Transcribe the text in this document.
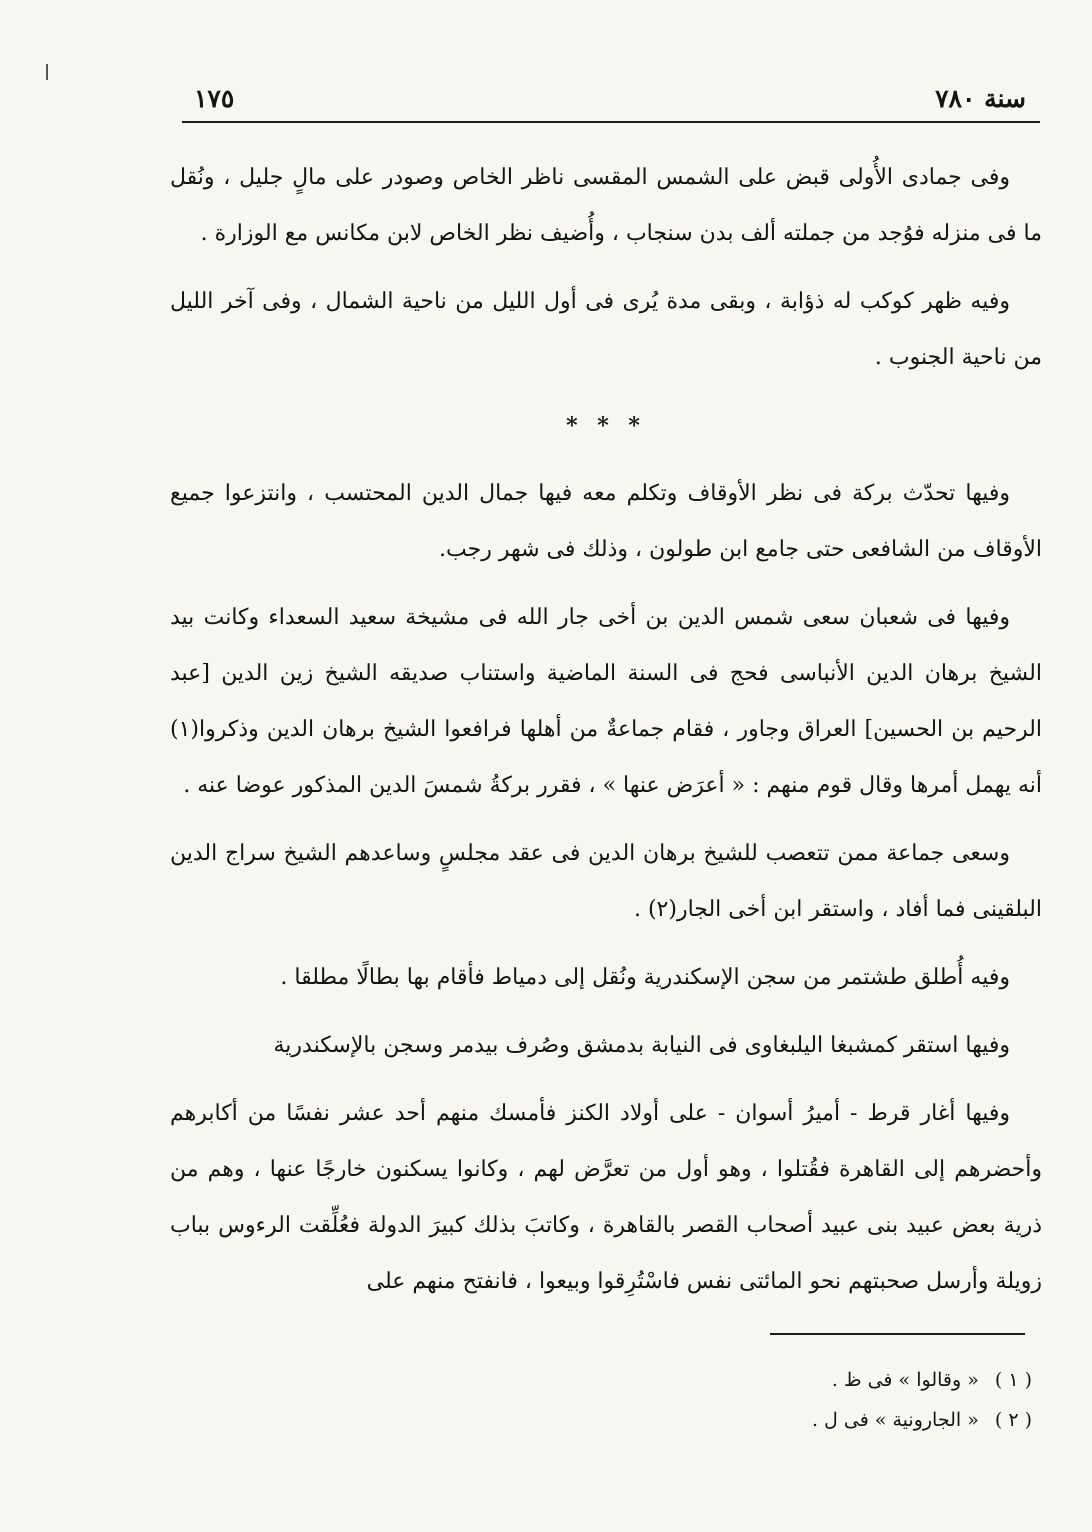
سنة ٧٨٠
١٧٥

وفى جمادى الأُولى قبض على الشمس المقسى ناظر الخاص وصودر على مالٍ جليل ، ونُقل ما فى منزله فوُجد من جملته ألف بدن سنجاب ، وأُضيف نظر الخاص لابن مكانس مع الوزارة .

وفيه ظهر كوكب له ذؤابة ، وبقى مدة يُرى فى أول الليل من ناحية الشمال ، وفى آخر الليل من ناحية الجنوب .

* * *

وفيها تحدّث بركة فى نظر الأوقاف وتكلم معه فيها جمال الدين المحتسب ، وانتزعوا جميع الأوقاف من الشافعى حتى جامع ابن طولون ، وذلك فى شهر رجب.

وفيها فى شعبان سعى شمس الدين بن أخى جار الله فى مشيخة سعيد السعداء وكانت بيد الشيخ برهان الدين الأنباسى فحج فى السنة الماضية واستناب صديقه الشيخ زين الدين [عبد الرحيم بن الحسين] العراق وجاور ، فقام جماعةٌ من أهلها فرافعوا الشيخ برهان الدين وذكروا(١) أنه يهمل أمرها وقال قوم منهم : « أعرَض عنها » ، فقرر بركةُ شمسَ الدين المذكور عوضا عنه .

وسعى جماعة ممن تتعصب للشيخ برهان الدين فى عقد مجلسٍ وساعدهم الشيخ سراج الدين البلقينى فما أفاد ، واستقر ابن أخى الجار(٢) .

وفيه أُطلق طشتمر من سجن الإسكندرية ونُقل إلى دمياط فأقام بها بطالًا مطلقا .

وفيها استقر كمشبغا اليلبغاوى فى النيابة بدمشق وصُرف بيدمر وسجن بالإسكندرية

وفيها أغار قرط - أميرُ أسوان - على أولاد الكنز فأمسك منهم أحد عشر نفسًا من أكابرهم وأحضرهم إلى القاهرة فقُتلوا ، وهو أول من تعرَّض لهم ، وكانوا يسكنون خارجًا عنها ، وهم من ذرية بعض عبيد بنى عبيد أصحاب القصر بالقاهرة ، وكاتبَ بذلك كبيرَ الدولة فعُلِّقت الرءوس بباب زويلة وأرسل صحبتهم نحو المائتى نفس فاسْتُرِقوا وبيعوا ، فانفتح منهم على

( ١ ) « وقالوا » فى ظ .
( ٢ ) « الجارونية » فى ل .
